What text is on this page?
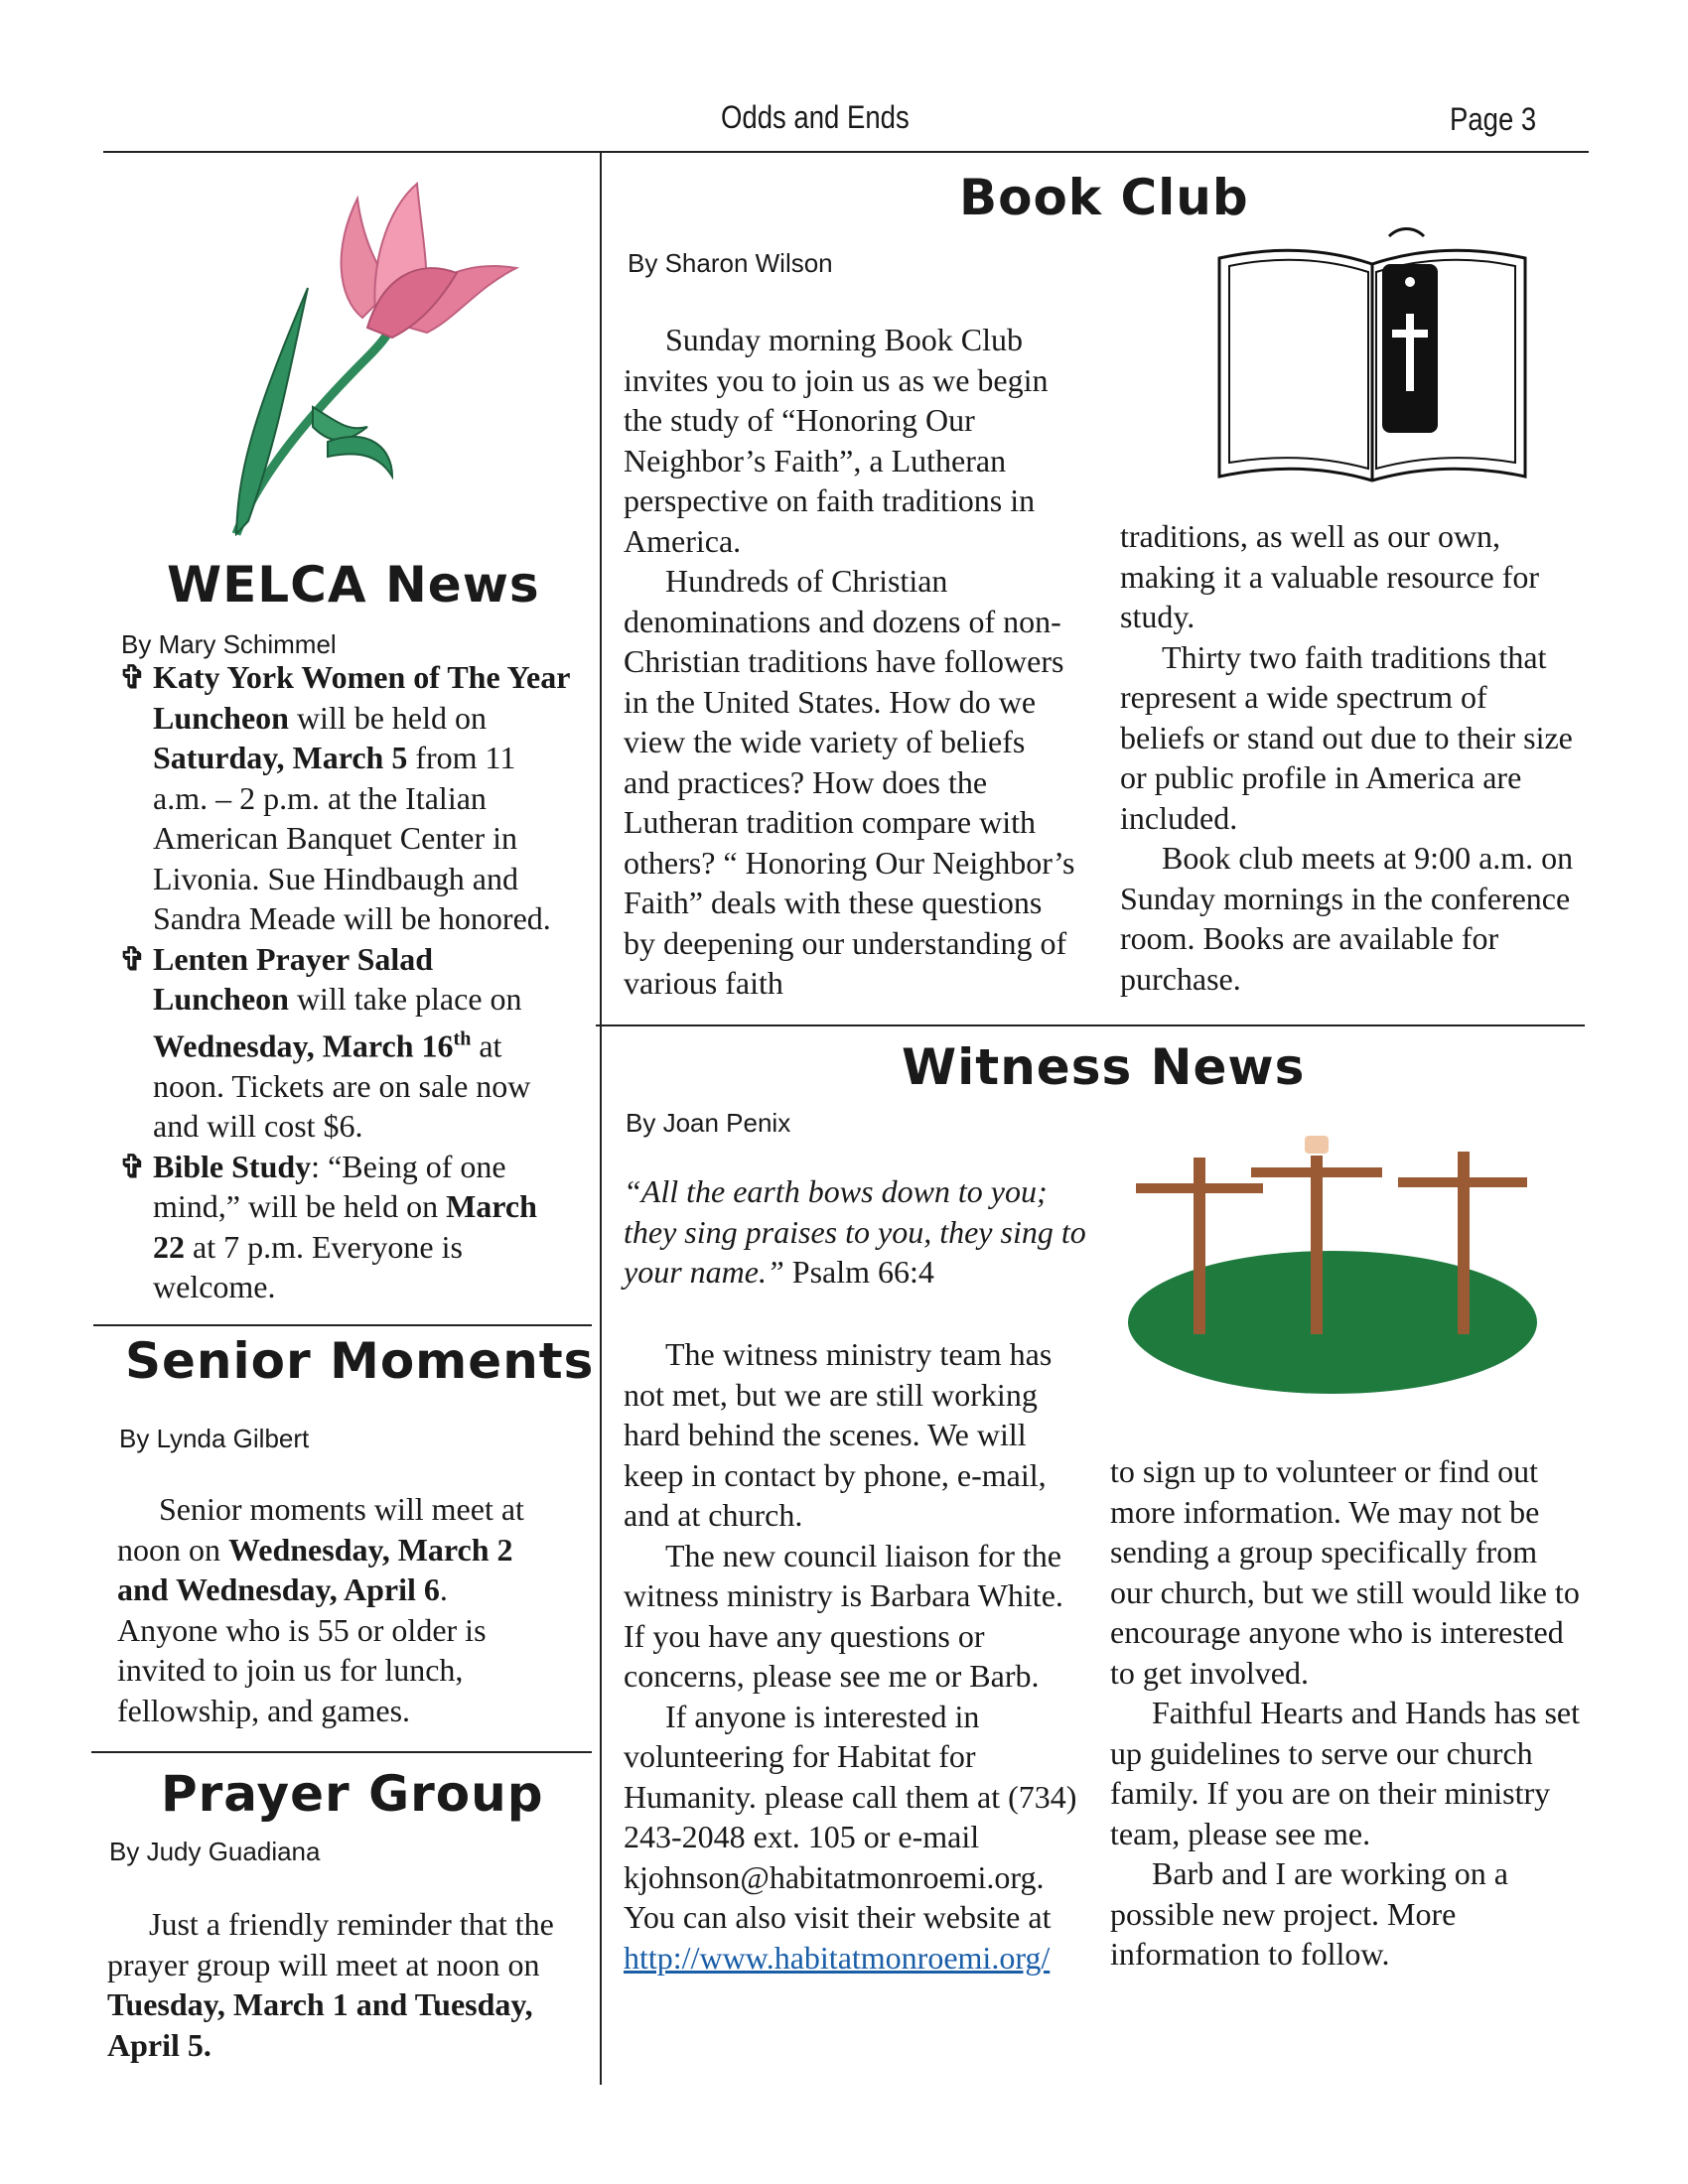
Odds and Ends	Page 3
WELCA News
By Mary Schimmel
✞ Katy York Women of The Year Luncheon will be held on Saturday, March 5 from 11 a.m. – 2 p.m. at the Italian American Banquet Center in Livonia. Sue Hindbaugh and Sandra Meade will be honored.
✞ Lenten Prayer Salad Luncheon will take place on Wednesday, March 16th at noon. Tickets are on sale now and will cost $6.
✞ Bible Study: “Being of one mind,” will be held on March 22 at 7 p.m. Everyone is welcome.
Senior Moments
By Lynda Gilbert

Senior moments will meet at noon on Wednesday, March 2 and Wednesday, April 6. Anyone who is 55 or older is invited to join us for lunch, fellowship, and games.

Prayer Group
By Judy Guadiana

Just a friendly reminder that the prayer group will meet at noon on Tuesday, March 1 and Tuesday, April 5.

Book Club
By Sharon Wilson

Sunday morning Book Club invites you to join us as we begin the study of “Honoring Our Neighbor’s Faith”, a Lutheran perspective on faith traditions in America.

Hundreds of Christian denominations and dozens of non-Christian traditions have followers in the United States. How do we view the wide variety of beliefs and practices? How does the Lutheran tradition compare with others? “ Honoring Our Neighbor’s Faith” deals with these questions by deepening our understanding of various faith

traditions, as well as our own, making it a valuable resource for study.

Thirty two faith traditions that represent a wide spectrum of beliefs or stand out due to their size or public profile in America are included.

Book club meets at 9:00 a.m. on Sunday mornings in the conference room. Books are available for purchase.

Witness News
By Joan Penix
“All the earth bows down to you; they sing praises to you, they sing to your name.” Psalm 66:4

The witness ministry team has not met, but we are still working hard behind the scenes. We will keep in contact by phone, e-mail, and at church.

The new council liaison for the witness ministry is Barbara White. If you have any questions or concerns, please see me or Barb.

If anyone is interested in volunteering for Habitat for Humanity. please call them at (734) 243-2048 ext. 105 or e-mail kjohnson@habitatmonroemi.org. You can also visit their website at

http://www.habitatmonroemi.org/

to sign up to volunteer or find out more information. We may not be sending a group specifically from our church, but we still would like to encourage anyone who is interested to get involved.

Faithful Hearts and Hands has set up guidelines to serve our church family. If you are on their ministry team, please see me.

Barb and I are working on a possible new project. More information to follow.
